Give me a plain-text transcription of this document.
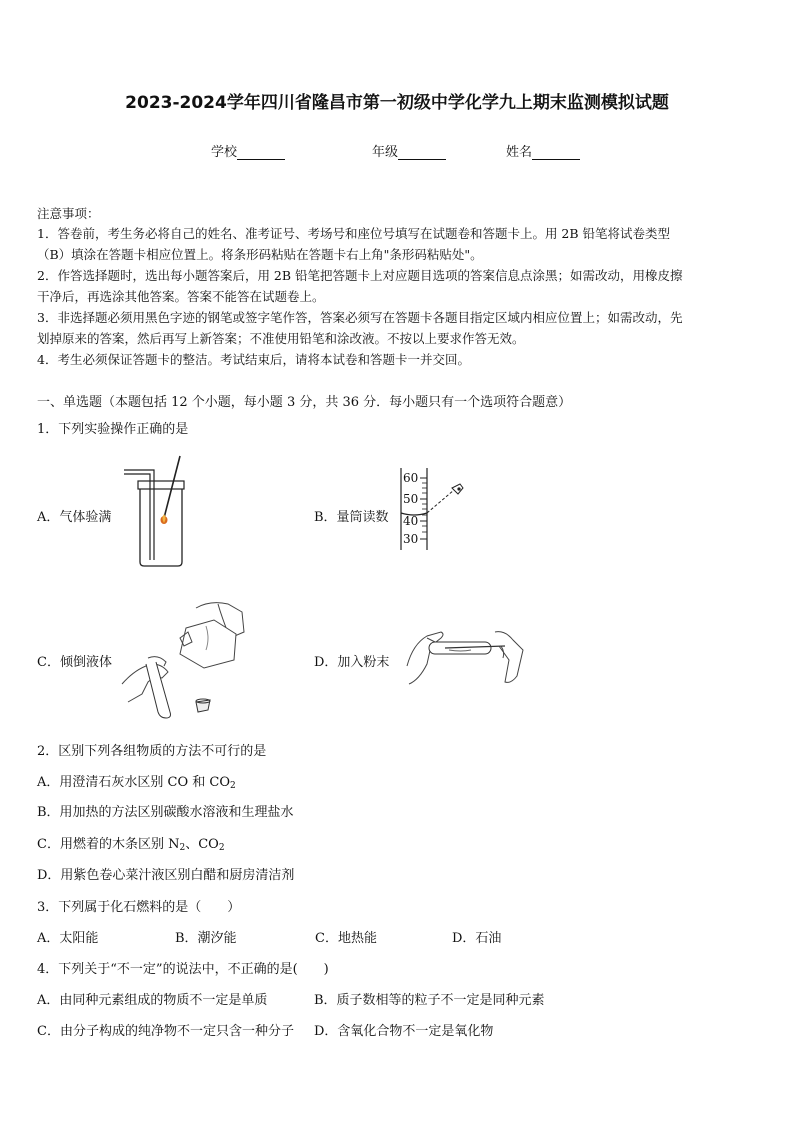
2023-2024学年四川省隆昌市第一初级中学化学九上期末监测模拟试题
学校	年级	姓名
注意事项：
1．答卷前，考生务必将自己的姓名、准考证号、考场号和座位号填写在试题卷和答题卡上。用 2B 铅笔将试卷类型
（B）填涂在答题卡相应位置上。将条形码粘贴在答题卡右上角"条形码粘贴处"。
2．作答选择题时，选出每小题答案后，用 2B 铅笔把答题卡上对应题目选项的答案信息点涂黑；如需改动，用橡皮擦
干净后，再选涂其他答案。答案不能答在试题卷上。
3．非选择题必须用黑色字迹的钢笔或签字笔作答，答案必须写在答题卡各题目指定区域内相应位置上；如需改动，先
划掉原来的答案，然后再写上新答案；不准使用铅笔和涂改液。不按以上要求作答无效。
4．考生必须保证答题卡的整洁。考试结束后，请将本试卷和答题卡一并交回。
一、单选题（本题包括 12 个小题，每小题 3 分，共 36 分．每小题只有一个选项符合题意）
1．下列实验操作正确的是
A．气体验满	B．量筒读数
C．倾倒液体	D．加入粉末
60
50
40
30
2．区别下列各组物质的方法不可行的是
A．用澄清石灰水区别 CO 和 $CO_2$
B．用加热的方法区别碳酸水溶液和生理盐水
C．用燃着的木条区别 $N_2$、$CO_2$
D．用紫色卷心菜汁液区别白醋和厨房清洁剂
3．下列属于化石燃料的是（　　）
A．太阳能	B．潮汐能	C．地热能	D．石油
4．下列关于“不一定”的说法中，不正确的是(　　)
A．由同种元素组成的物质不一定是单质	B．质子数相等的粒子不一定是同种元素
C．由分子构成的纯净物不一定只含一种分子 D．含氧化合物不一定是氧化物
